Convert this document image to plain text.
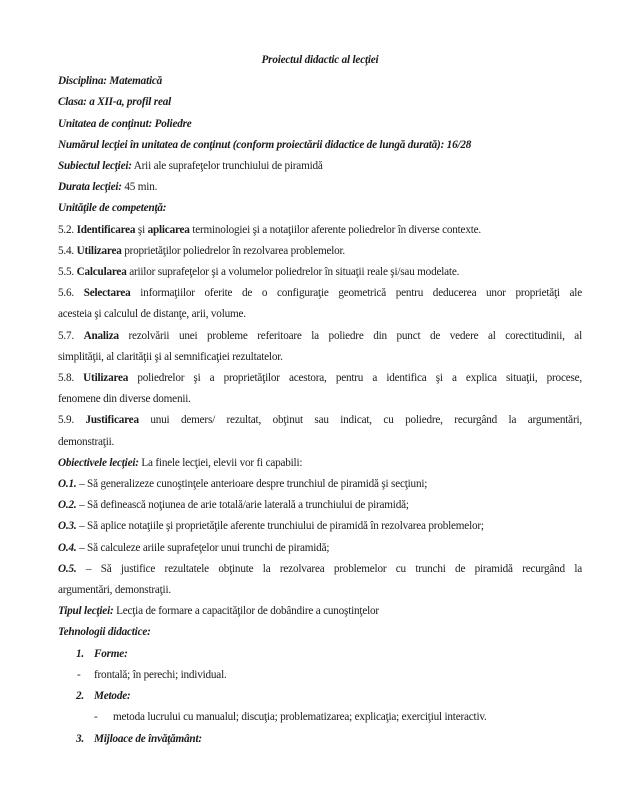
Proiectul didactic al lecţiei
Disciplina: Matematică
Clasa: a XII-a, profil real
Unitatea de conţinut: Poliedre
Numărul lecţiei în unitatea de conţinut (conform proiectării didactice de lungă durată): 16/28
Subiectul lecţiei: Arii ale suprafeţelor trunchiului de piramidă
Durata lecţiei: 45 min.
Unităţile de competenţă:
5.2. Identificarea şi aplicarea terminologiei şi a notaţiilor aferente poliedrelor în diverse contexte.
5.4. Utilizarea proprietăţilor poliedrelor în rezolvarea problemelor.
5.5. Calcularea ariilor suprafeţelor şi a volumelor poliedrelor în situaţii reale şi/sau modelate.
5.6. Selectarea informaţiilor oferite de o configuraţie geometrică pentru deducerea unor proprietăţi ale
acesteia şi calculul de distanţe, arii, volume.
5.7. Analiza rezolvării unei probleme referitoare la poliedre din punct de vedere al corectitudinii, al
simplităţii, al clarităţii şi al semnificaţiei rezultatelor.
5.8. Utilizarea poliedrelor şi a proprietăţilor acestora, pentru a identifica şi a explica situaţii, procese,
fenomene din diverse domenii.
5.9. Justificarea unui demers/ rezultat, obţinut sau indicat, cu poliedre, recurgând la argumentări,
demonstraţii.
Obiectivele lecţiei: La finele lecţiei, elevii vor fi capabili:
O.1. – Să generalizeze cunoştinţele anterioare despre trunchiul de piramidă şi secţiuni;
O.2. – Să definească noţiunea de arie totală/arie laterală a trunchiului de piramidă;
O.3. – Să aplice notaţiile şi proprietăţile aferente trunchiului de piramidă în rezolvarea problemelor;
O.4. – Să calculeze ariile suprafeţelor unui trunchi de piramidă;
O.5. – Să justifice rezultatele obţinute la rezolvarea problemelor cu trunchi de piramidă recurgând la
argumentări, demonstraţii.
Tipul lecţiei: Lecţia de formare a capacităţilor de dobândire a cunoştinţelor
Tehnologii didactice:
1. Forme:
- frontală; în perechi; individual.
2. Metode:
- metoda lucrului cu manualul; discuţia; problematizarea; explicaţia; exerciţiul interactiv.
3. Mijloace de învăţământ:
